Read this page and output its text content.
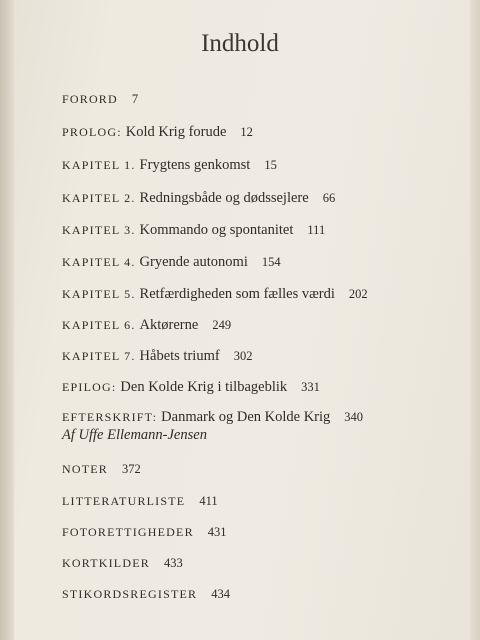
Indhold
FORORD 7
PROLOG: Kold Krig forude 12
KAPITEL 1. Frygtens genkomst 15
KAPITEL 2. Redningsbåde og dødssejlere 66
KAPITEL 3. Kommando og spontanitet 111
KAPITEL 4. Gryende autonomi 154
KAPITEL 5. Retfærdigheden som fælles værdi 202
KAPITEL 6. Aktørerne 249
KAPITEL 7. Håbets triumf 302
EPILOG: Den Kolde Krig i tilbageblik 331
EFTERSKRIFT: Danmark og Den Kolde Krig 340
Af Uffe Ellemann-Jensen
NOTER 372
LITTERATURLISTE 411
FOTORETTIGHEDER 431
KORTKILDER 433
STIKORDSREGISTER 434
